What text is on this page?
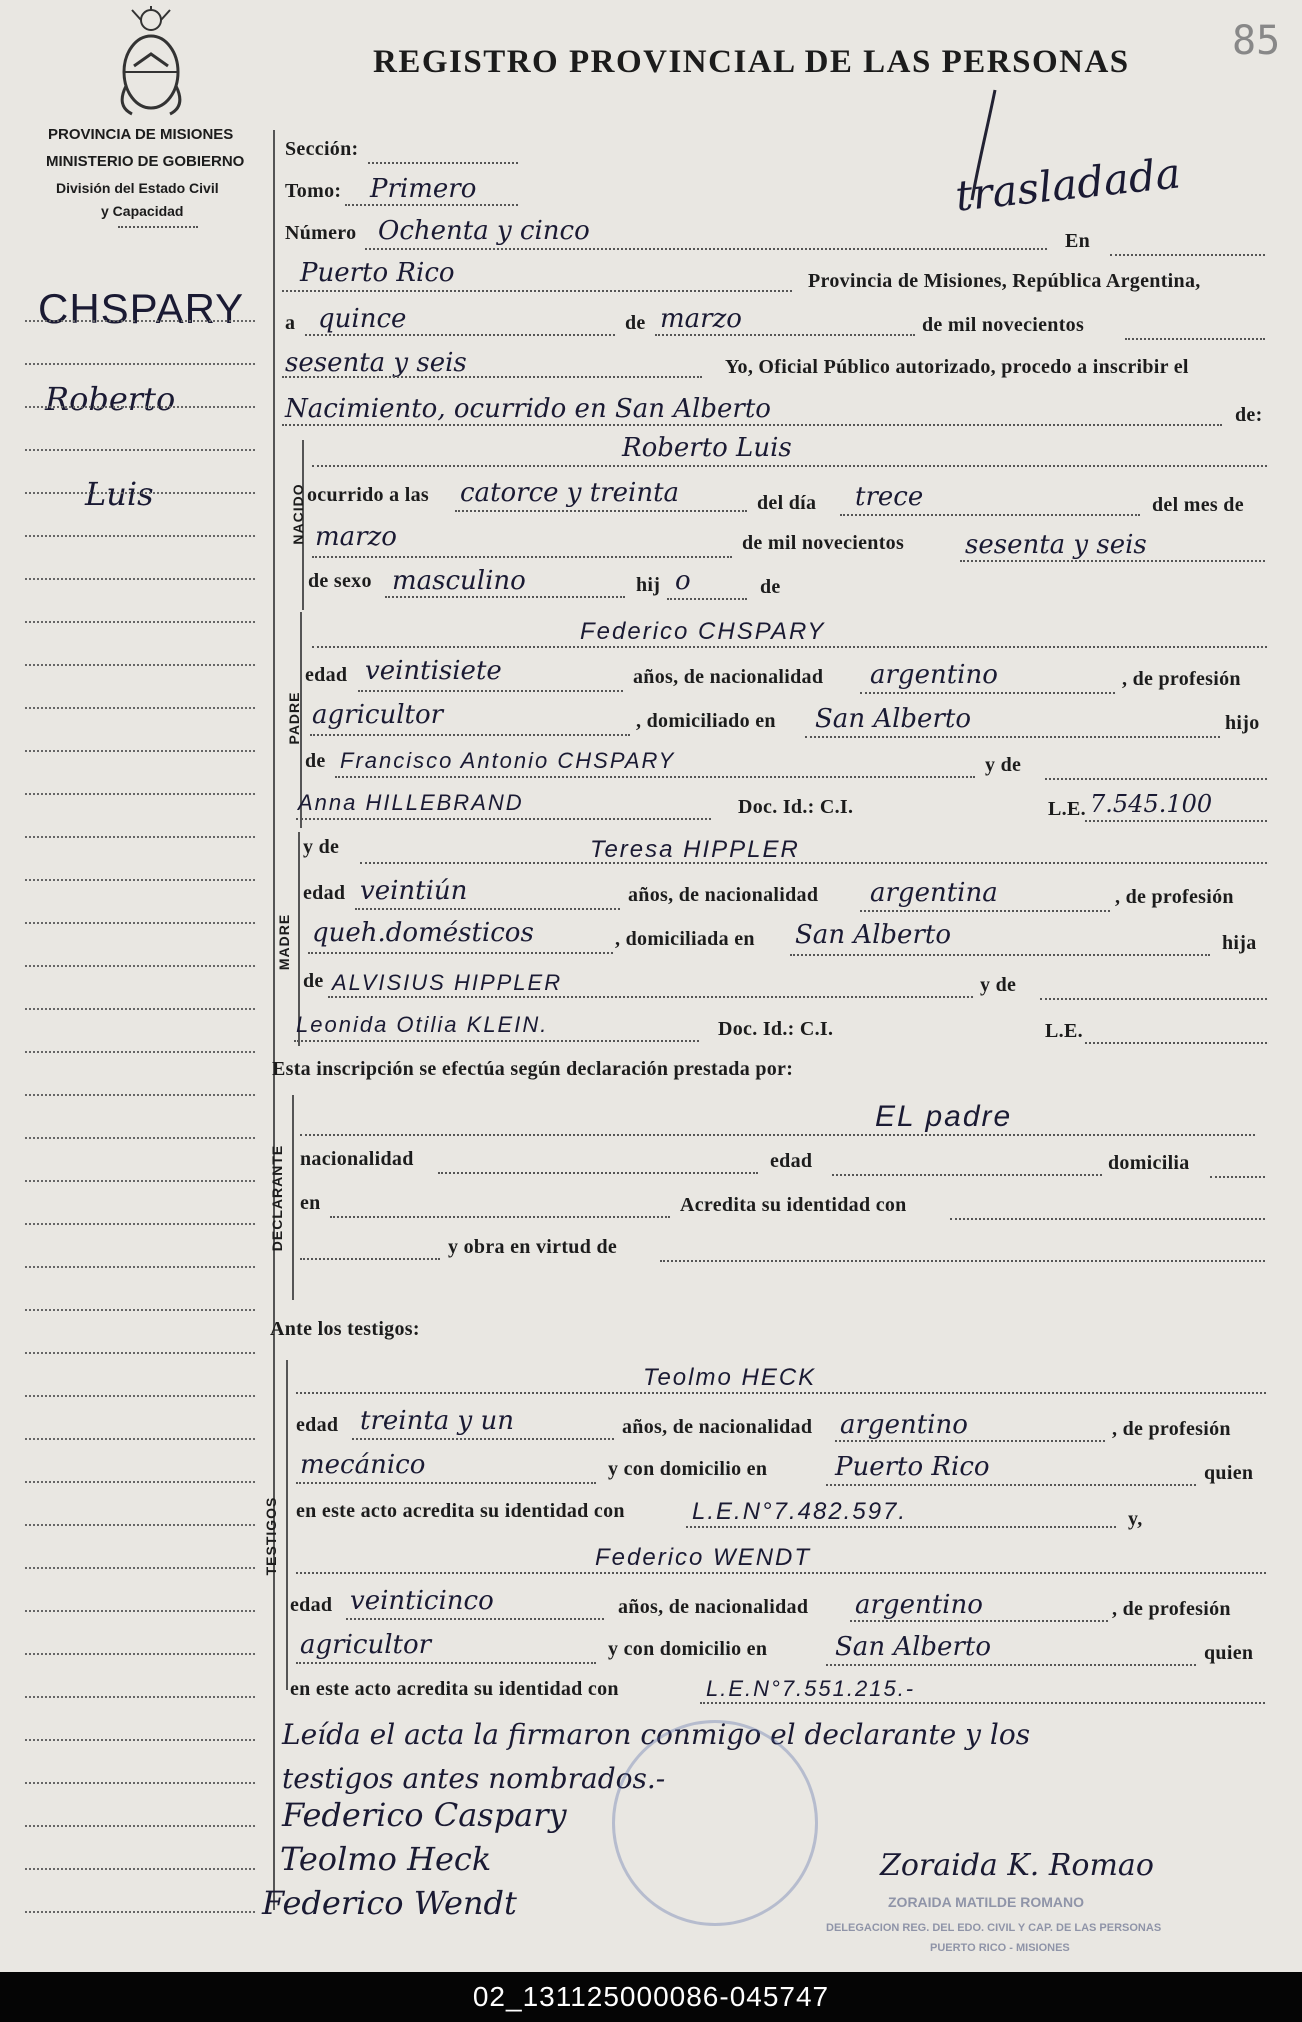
85
REGISTRO PROVINCIAL DE LAS PERSONAS
trasladada
PROVINCIA DE MISIONES
MINISTERIO DE GOBIERNO
División del Estado Civil
y Capacidad
CHSPARY
Roberto
Luis
Sección:
Tomo: Primero
Número Ochenta y cinco	En
Puerto Rico	Provincia de Misiones, República Argentina,
a quince	de marzo	de mil novecientos
sesenta y seis	Yo, Oficial Público autorizado, procedo a inscribir el
Nacimiento, ocurrido en San Alberto	de:
NACIDO
Roberto Luis
ocurrido a las catorce y treinta	del día trece	del mes de
marzo	de mil novecientos sesenta y seis
de sexo masculino	hij o	de
PADRE
Federico CHSPARY
edad veintisiete	años, de nacionalidad argentino	, de profesión
agricultor	, domiciliado en San Alberto	hijo
de Francisco Antonio CHSPARY	y de
Anna HILLEBRAND	Doc. Id.: C.I.	L.E. 7.545.100
MADRE
y de	Teresa HIPPLER
edad veintiún	años, de nacionalidad argentina	, de profesión
queh.domésticos	, domiciliada en San Alberto	hija
de ALVISIUS HIPPLER	y de
Leonida Otilia KLEIN.	Doc. Id.: C.I.	L.E.
Esta inscripción se efectúa según declaración prestada por:
DECLARANTE
EL padre
nacionalidad	edad	domicilia
en	Acredita su identidad con
y obra en virtud de
Ante los testigos:
TESTIGOS
Teolmo HECK
edad treinta y un	años, de nacionalidad argentino	, de profesión
mecánico	y con domicilio en	Puerto Rico	quien
en este acto acredita su identidad con	L.E.N°7.482.597.	y,
Federico WENDT
edad veinticinco	años, de nacionalidad argentino	, de profesión
agricultor	y con domicilio en	San Alberto	quien
en este acto acredita su identidad con	L.E.N°7.551.215.-
Leída el acta la firmaron conmigo el declarante y los
testigos antes nombrados.-
ZORAIDA MATILDE ROMANO
DELEGACION REG. DEL EDO. CIVIL Y CAP. DE LAS PERSONAS
PUERTO RICO - MISIONES
Federico Caspary
Teolmo Heck
Federico Wendt
Zoraida K. Romao
02_131125000086-045747
